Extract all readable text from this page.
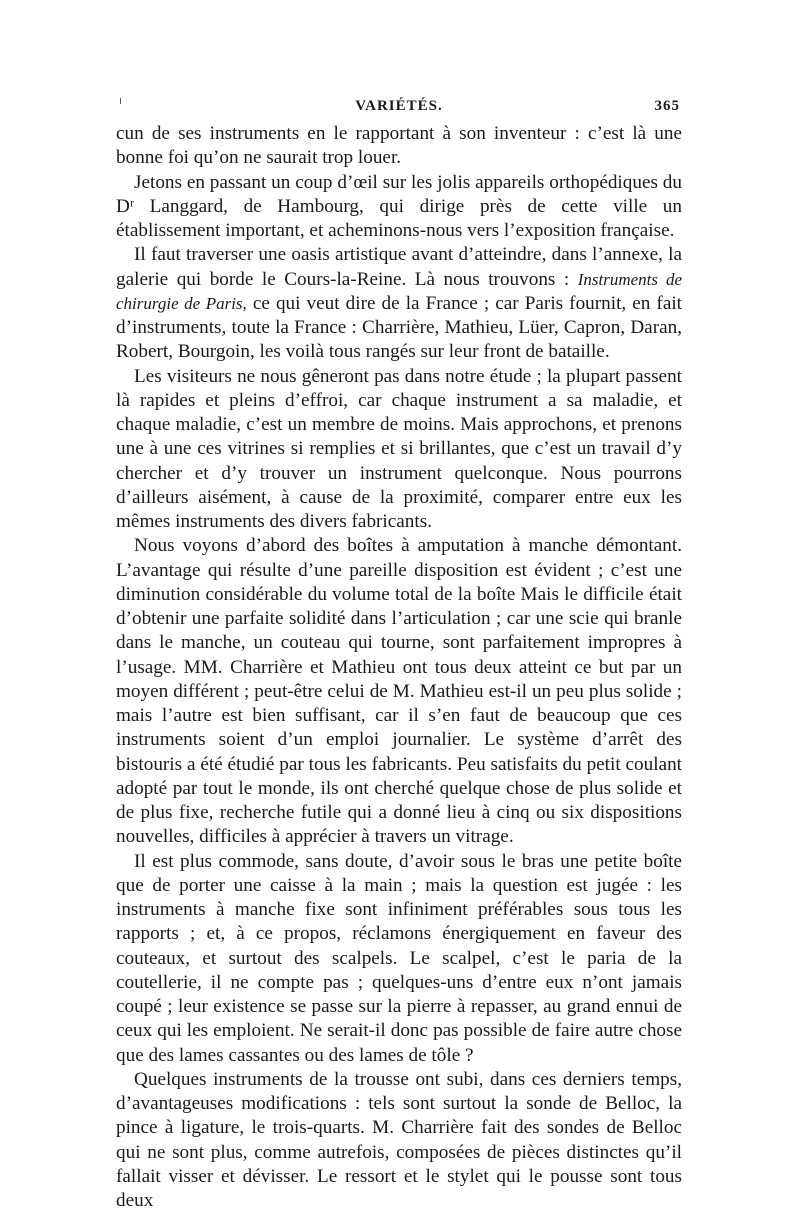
VARIÉTÉS.	365

cun de ses instruments en le rapportant à son inventeur : c’est là une bonne foi qu’on ne saurait trop louer.

Jetons en passant un coup d’œil sur les jolis appareils orthopédiques du Dʳ Langgard, de Hambourg, qui dirige près de cette ville un établissement important, et acheminons-nous vers l’exposition française.

Il faut traverser une oasis artistique avant d’atteindre, dans l’annexe, la galerie qui borde le Cours-la-Reine. Là nous trouvons : Instruments de chirurgie de Paris, ce qui veut dire de la France ; car Paris fournit, en fait d’instruments, toute la France : Charrière, Mathieu, Lüer, Capron, Daran, Robert, Bourgoin, les voilà tous rangés sur leur front de bataille.

Les visiteurs ne nous gêneront pas dans notre étude ; la plupart passent là rapides et pleins d’effroi, car chaque instrument a sa maladie, et chaque maladie, c’est un membre de moins. Mais approchons, et prenons une à une ces vitrines si remplies et si brillantes, que c’est un travail d’y chercher et d’y trouver un instrument quelconque. Nous pourrons d’ailleurs aisément, à cause de la proximité, comparer entre eux les mêmes instruments des divers fabricants.

Nous voyons d’abord des boîtes à amputation à manche démontant. L’avantage qui résulte d’une pareille disposition est évident ; c’est une diminution considérable du volume total de la boîte Mais le difficile était d’obtenir une parfaite solidité dans l’articulation ; car une scie qui branle dans le manche, un couteau qui tourne, sont parfaitement impropres à l’usage. MM. Charrière et Mathieu ont tous deux atteint ce but par un moyen différent ; peut-être celui de M. Mathieu est-il un peu plus solide ; mais l’autre est bien suffisant, car il s’en faut de beaucoup que ces instruments soient d’un emploi journalier. Le système d’arrêt des bistouris a été étudié par tous les fabricants. Peu satisfaits du petit coulant adopté par tout le monde, ils ont cherché quelque chose de plus solide et de plus fixe, recherche futile qui a donné lieu à cinq ou six dispositions nouvelles, difficiles à apprécier à travers un vitrage.

Il est plus commode, sans doute, d’avoir sous le bras une petite boîte que de porter une caisse à la main ; mais la question est jugée : les instruments à manche fixe sont infiniment préférables sous tous les rapports ; et, à ce propos, réclamons énergiquement en faveur des couteaux, et surtout des scalpels. Le scalpel, c’est le paria de la coutellerie, il ne compte pas ; quelques-uns d’entre eux n’ont jamais coupé ; leur existence se passe sur la pierre à repasser, au grand ennui de ceux qui les emploient. Ne serait-il donc pas possible de faire autre chose que des lames cassantes ou des lames de tôle ?

Quelques instruments de la trousse ont subi, dans ces derniers temps, d’avantageuses modifications : tels sont surtout la sonde de Belloc, la pince à ligature, le trois-quarts. M. Charrière fait des sondes de Belloc qui ne sont plus, comme autrefois, composées de pièces distinctes qu’il fallait visser et dévisser. Le ressort et le stylet qui le pousse sont tous deux
